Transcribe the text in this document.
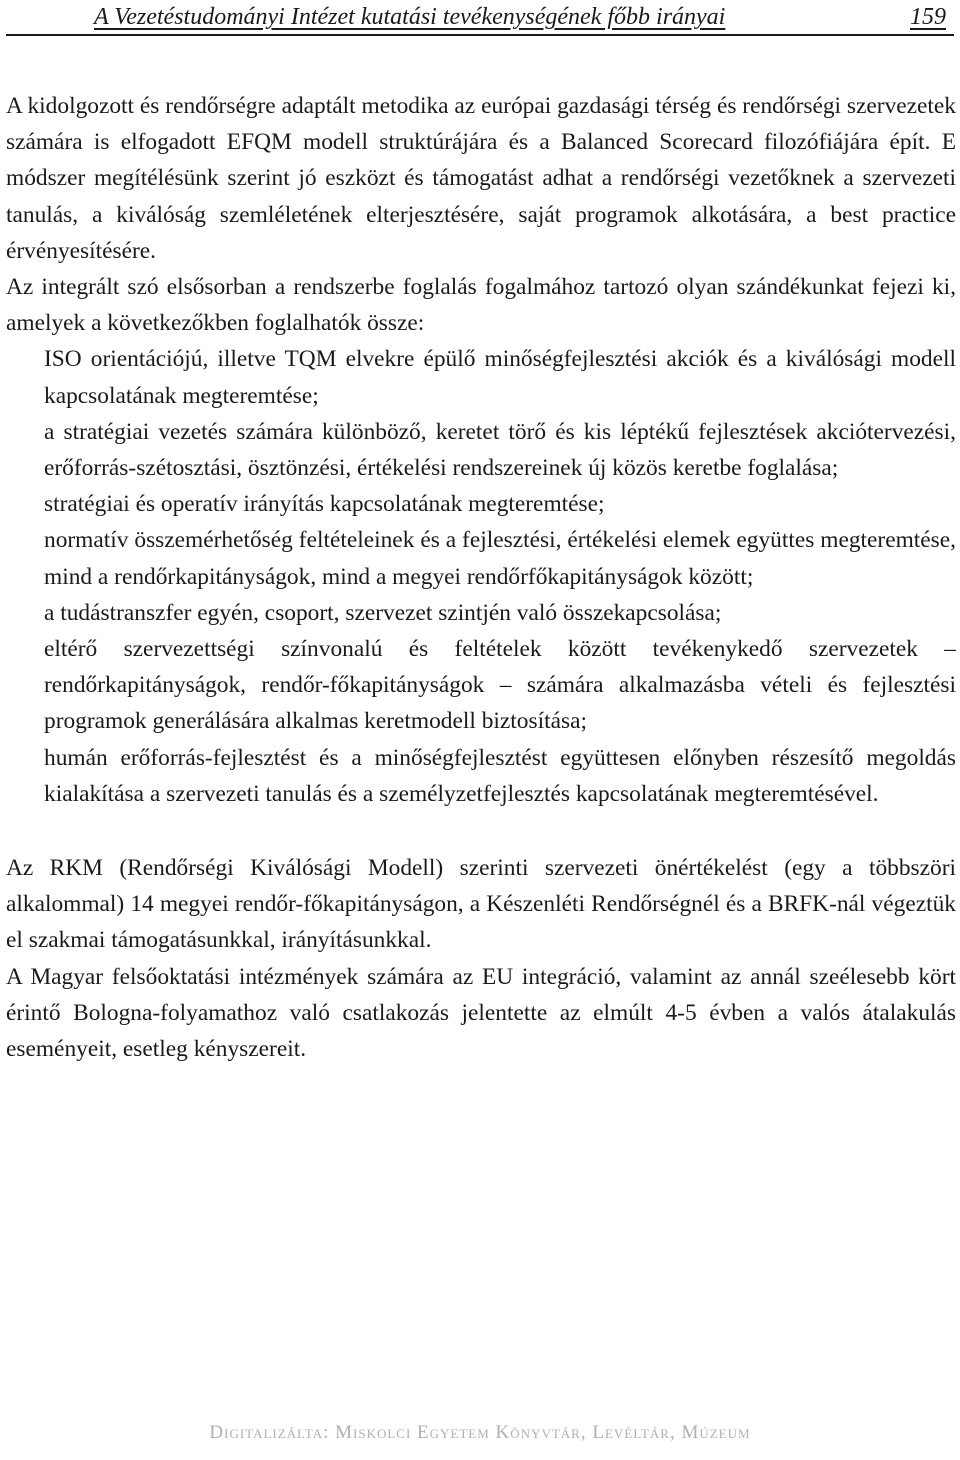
A Vezetéstudományi Intézet kutatási tevékenységének főbb irányai	159

A kidolgozott és rendőrségre adaptált metodika az európai gazdasági térség és rendőrségi szervezetek számára is elfogadott EFQM modell struktúrájára és a Balanced Scorecard filozófiájára épít. E módszer megítélésünk szerint jó eszközt és támogatást adhat a rendőrségi vezetőknek a szervezeti tanulás, a kiválóság szemléletének elterjesztésére, saját programok alkotására, a best practice érvényesítésére.

Az integrált szó elsősorban a rendszerbe foglalás fogalmához tartozó olyan szándékunkat fejezi ki, amelyek a következőkben foglalhatók össze:

ISO orientációjú, illetve TQM elvekre épülő minőségfejlesztési akciók és a kiválósági modell kapcsolatának megteremtése;
a stratégiai vezetés számára különböző, keretet törő és kis léptékű fejlesztések akciótervezési, erőforrás-szétosztási, ösztönzési, értékelési rendszereinek új közös keretbe foglalása;
stratégiai és operatív irányítás kapcsolatának megteremtése;
normatív összemérhetőség feltételeinek és a fejlesztési, értékelési elemek együttes megteremtése, mind a rendőrkapitányságok, mind a megyei rendőrfőkapitányságok között;
a tudástranszfer egyén, csoport, szervezet szintjén való összekapcsolása;
eltérő szervezettségi színvonalú és feltételek között tevékenykedő szervezetek – rendőrkapitányságok, rendőr-főkapitányságok – számára alkalmazásba vételi és fejlesztési programok generálására alkalmas keretmodell biztosítása;
humán erőforrás-fejlesztést és a minőségfejlesztést együttesen előnyben részesítő megoldás kialakítása a szervezeti tanulás és a személyzetfejlesztés kapcsolatának megteremtésével.

Az RKM (Rendőrségi Kiválósági Modell) szerinti szervezeti önértékelést (egy a többszöri alkalommal) 14 megyei rendőr-főkapitányságon, a Készenléti Rendőrségnél és a BRFK-nál végeztük el szakmai támogatásunkkal, irányításunkkal.

A Magyar felsőoktatási intézmények számára az EU integráció, valamint az annál szeélesebb kört érintő Bologna-folyamathoz való csatlakozás jelentette az elmúlt 4-5 évben a valós átalakulás eseményeit, esetleg kényszereit.

Digitalizálta: Miskolci Egyetem Könyvtár, Levéltár, Múzeum
